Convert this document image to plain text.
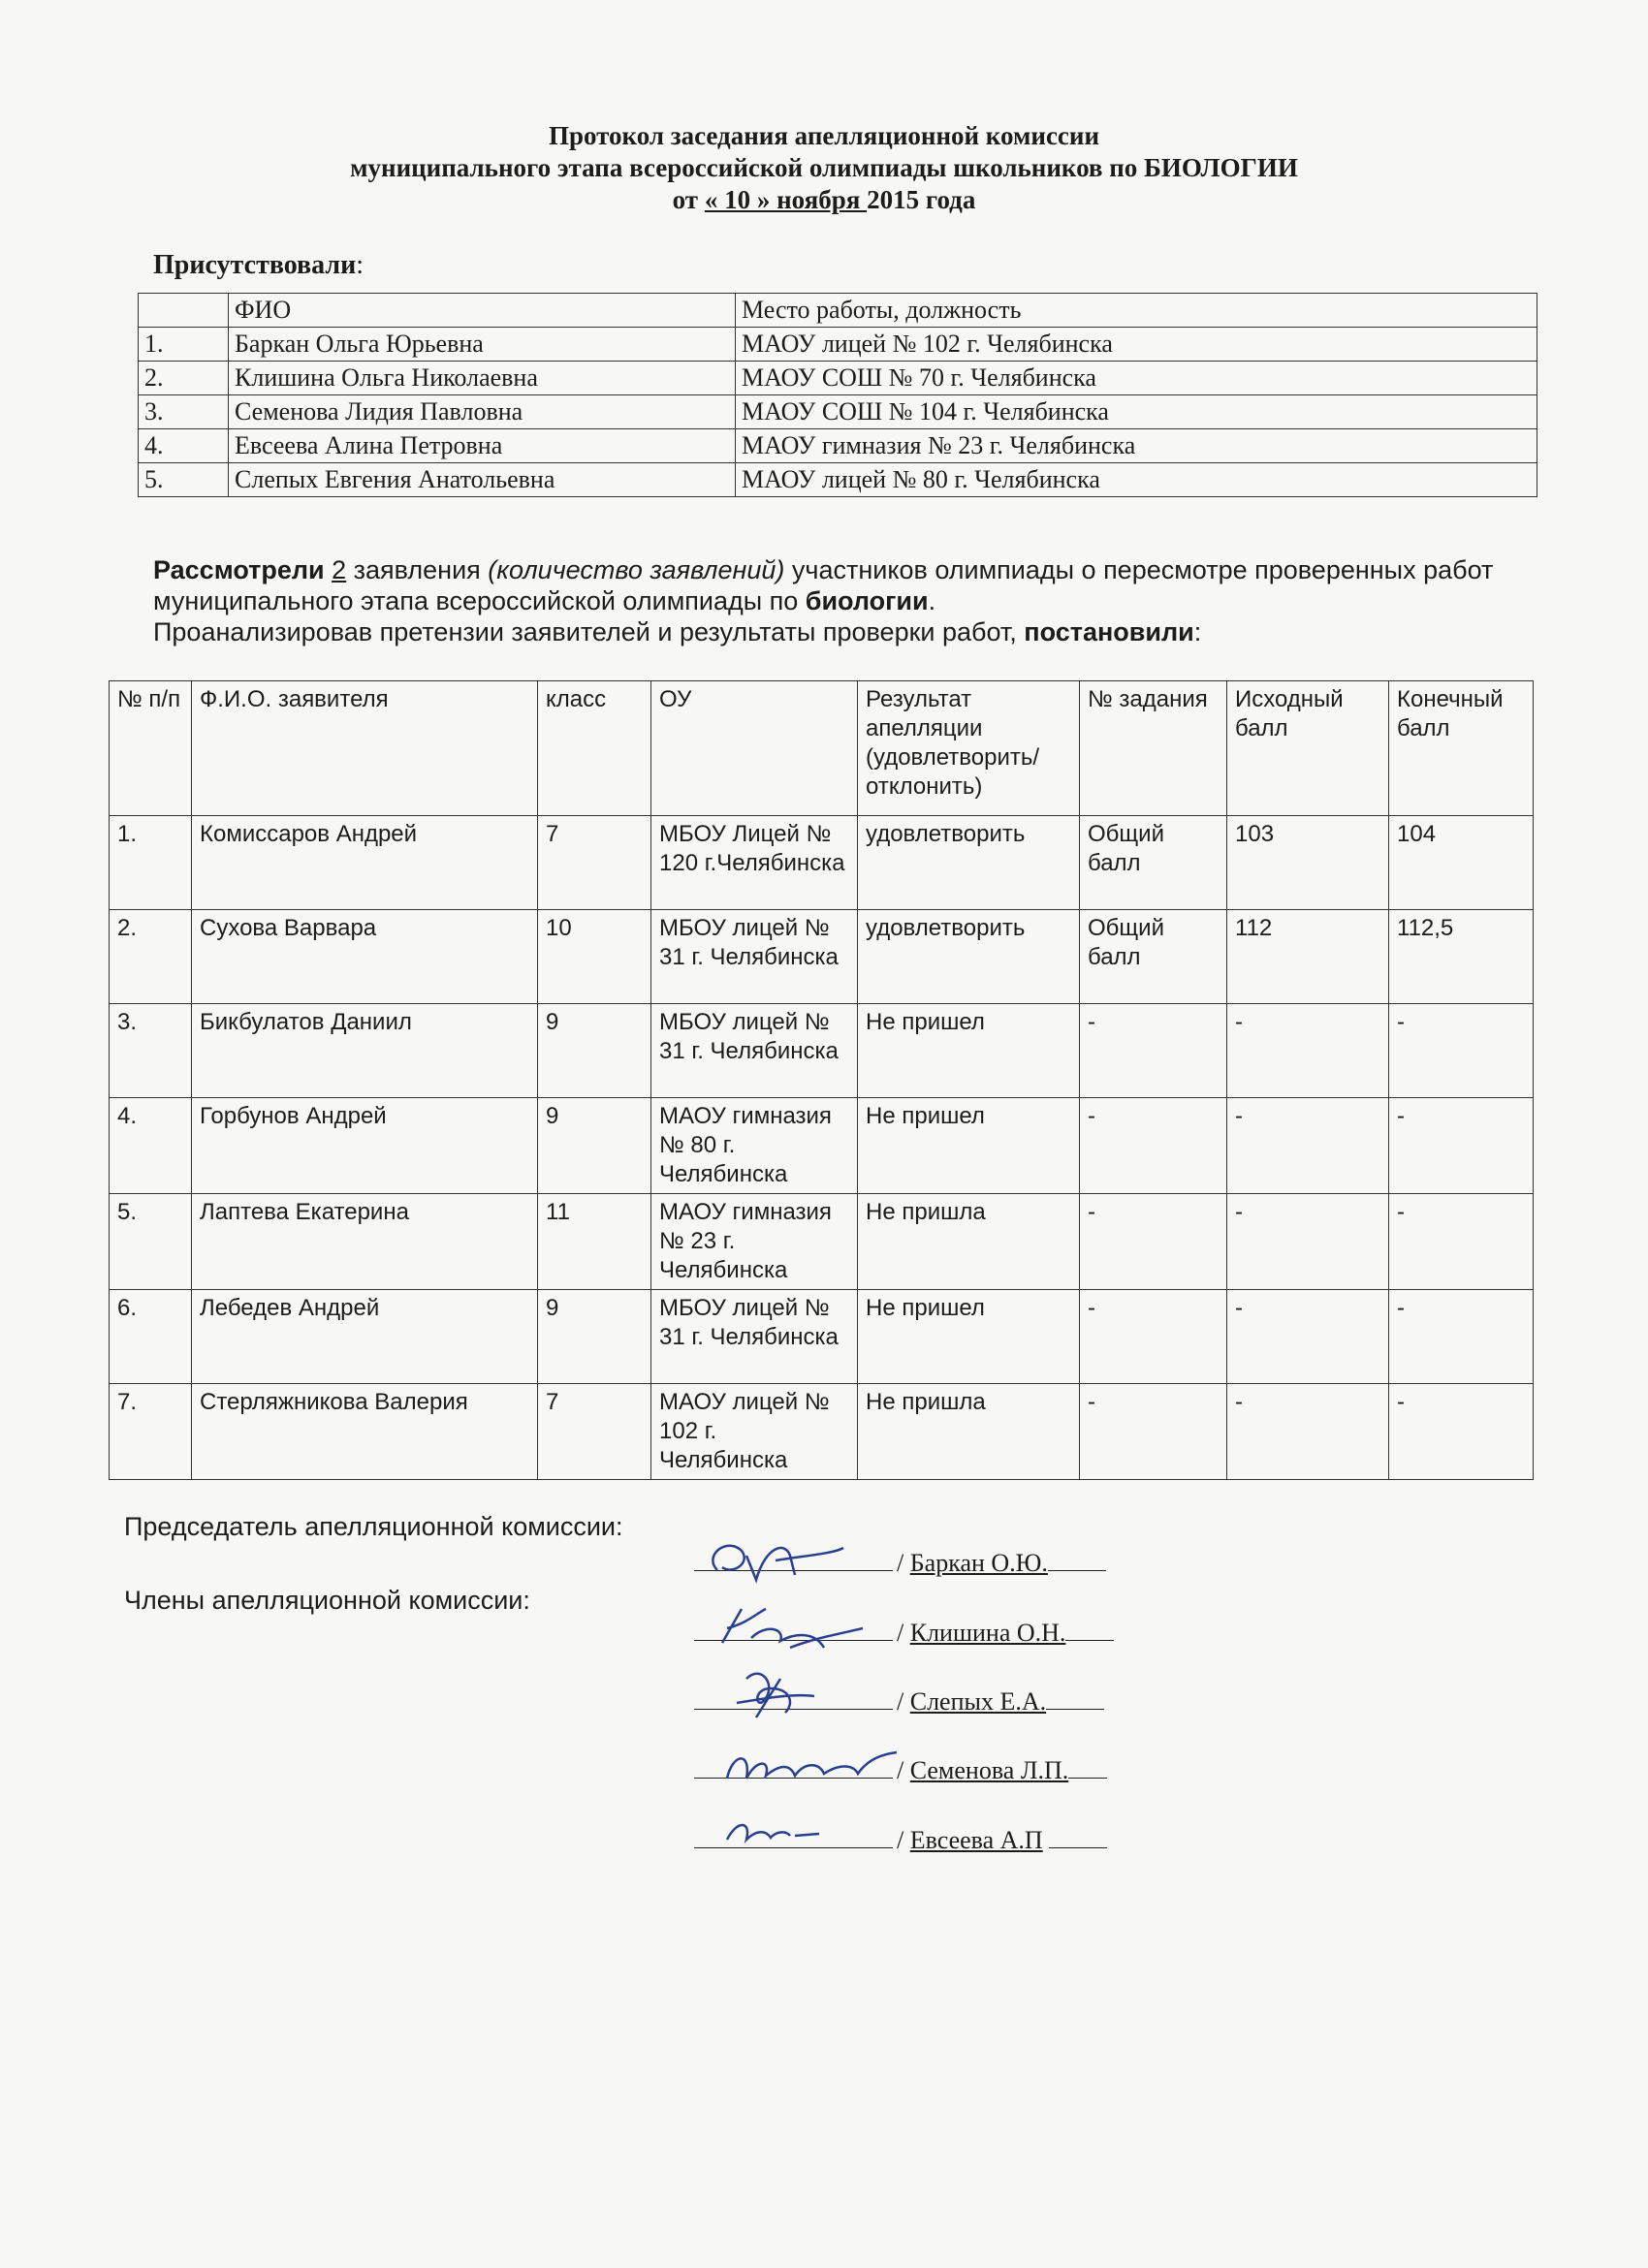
Протокол заседания апелляционной комиссии
муниципального этапа всероссийской олимпиады школьников по БИОЛОГИИ
от « 10 » ноября 2015 года
Присутствовали:
	ФИО	Место работы, должность
1.	Баркан Ольга Юрьевна	МАОУ лицей № 102 г. Челябинска
2.	Клишина Ольга Николаевна	МАОУ СОШ № 70 г. Челябинска
3.	Семенова Лидия Павловна	МАОУ СОШ № 104 г. Челябинска
4.	Евсеева Алина Петровна	МАОУ гимназия № 23 г. Челябинска
5.	Слепых Евгения Анатольевна	МАОУ лицей № 80 г. Челябинска
Рассмотрели 2 заявления (количество заявлений) участников олимпиады о пересмотре проверенных работ муниципального этапа всероссийской олимпиады по биологии.
Проанализировав претензии заявителей и результаты проверки работ, постановили:
№ п/п	Ф.И.О. заявителя	класс	ОУ	Результат апелляции (удовлетворить/ отклонить)	№ задания	Исходный балл	Конечный балл
1.	Комиссаров Андрей	7	МБОУ Лицей № 120 г.Челябинска	удовлетворить	Общий балл	103	104
2.	Сухова Варвара	10	МБОУ лицей № 31 г. Челябинска	удовлетворить	Общий балл	112	112,5
3.	Бикбулатов Даниил	9	МБОУ лицей № 31 г. Челябинска	Не пришел	-	-	-
4.	Горбунов Андрей	9	МАОУ гимназия № 80 г. Челябинска	Не пришел	-	-	-
5.	Лаптева Екатерина	11	МАОУ гимназия № 23 г. Челябинска	Не пришла	-	-	-
6.	Лебедев Андрей	9	МБОУ лицей № 31 г. Челябинска	Не пришел	-	-	-
7.	Стерляжникова Валерия	7	МАОУ лицей № 102 г. Челябинска	Не пришла	-	-	-
Председатель апелляционной комиссии:
Члены апелляционной комиссии:
/ Баркан О.Ю.
/ Клишина О.Н.
/ Слепых Е.А.
/ Семенова Л.П.
/ Евсеева А.П
